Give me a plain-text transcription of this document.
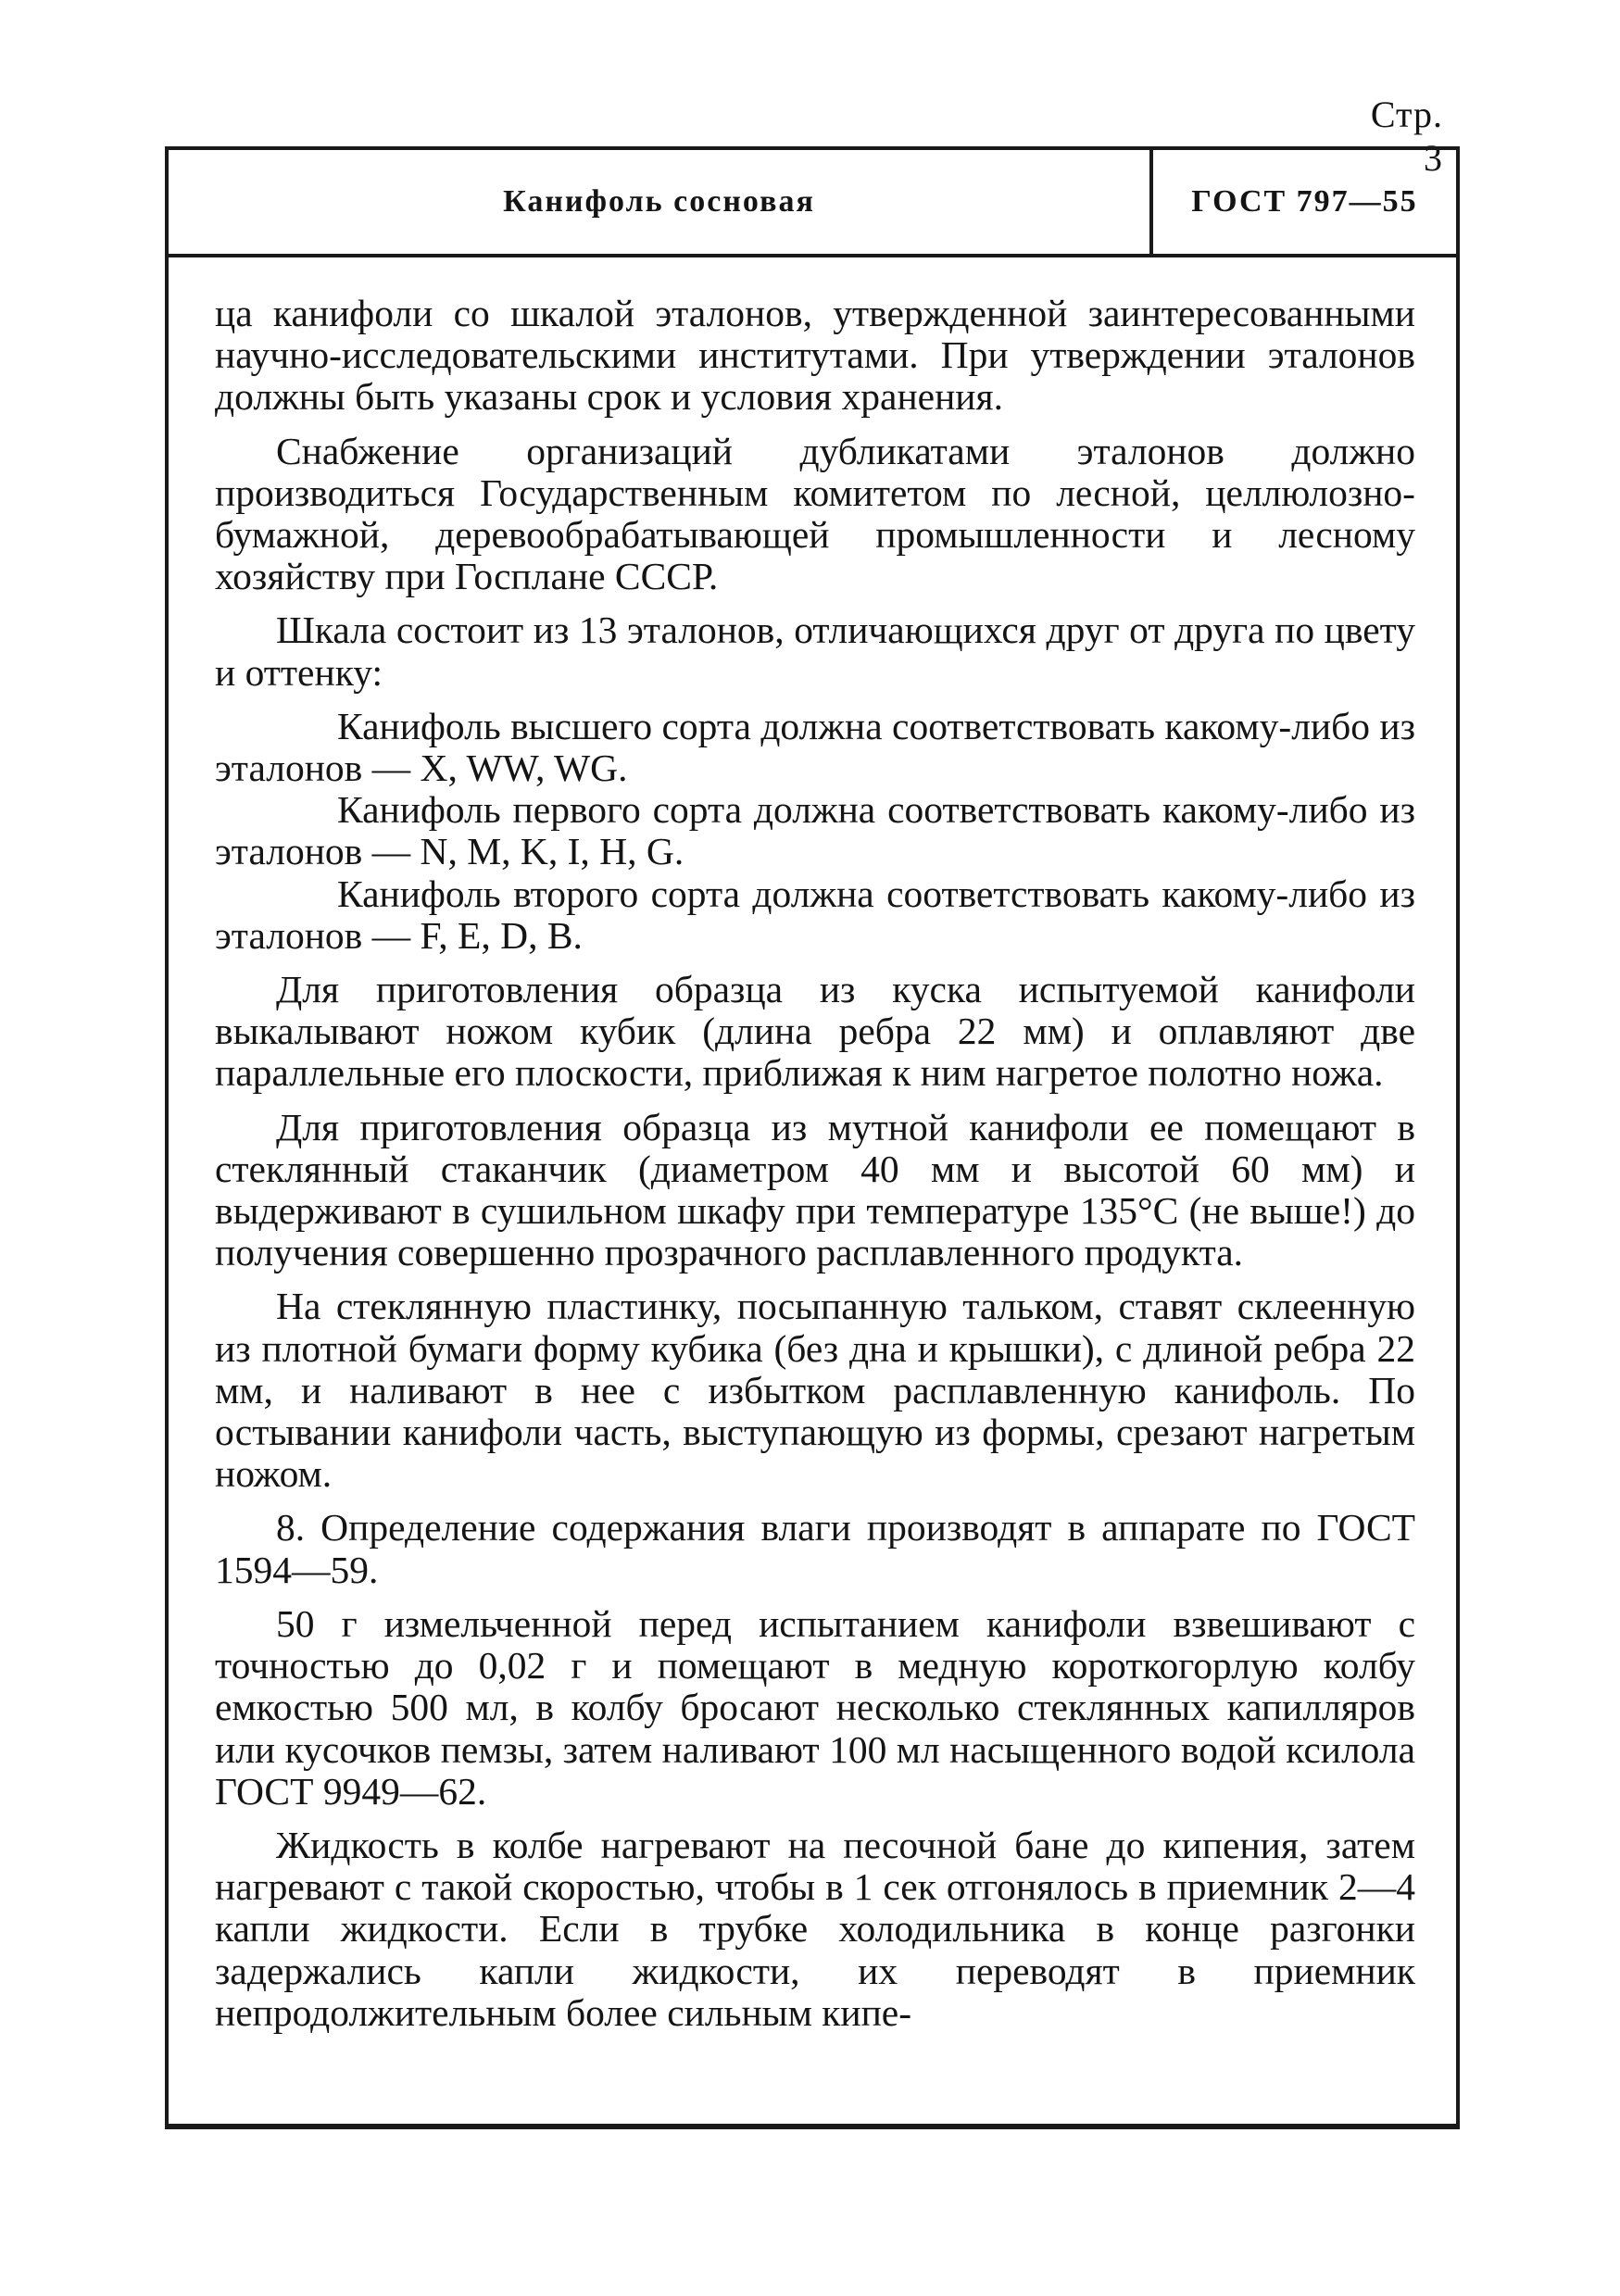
Стр. 3
Канифоль сосновая	ГОСТ 797—55

ца канифоли со шкалой эталонов, утвержденной заинтересованными научно-исследовательскими институтами. При утверждении эталонов должны быть указаны срок и условия хранения.

Снабжение организаций дубликатами эталонов должно производиться Государственным комитетом по лесной, целлюлозно-бумажной, деревообрабатывающей промышленности и лесному хозяйству при Госплане СССР.

Шкала состоит из 13 эталонов, отличающихся друг от друга по цвету и оттенку:

Канифоль высшего сорта должна соответствовать какому-либо из эталонов — X, WW, WG.

Канифоль первого сорта должна соответствовать какому-либо из эталонов — N, M, K, I, H, G.

Канифоль второго сорта должна соответствовать какому-либо из эталонов — F, E, D, B.

Для приготовления образца из куска испытуемой канифоли выкалывают ножом кубик (длина ребра 22 мм) и оплавляют две параллельные его плоскости, приближая к ним нагретое полотно ножа.

Для приготовления образца из мутной канифоли ее помещают в стеклянный стаканчик (диаметром 40 мм и высотой 60 мм) и выдерживают в сушильном шкафу при температуре 135°С (не выше!) до получения совершенно прозрачного расплавленного продукта.

На стеклянную пластинку, посыпанную тальком, ставят склеенную из плотной бумаги форму кубика (без дна и крышки), с длиной ребра 22 мм, и наливают в нее с избытком расплавленную канифоль. По остывании канифоли часть, выступающую из формы, срезают нагретым ножом.

8. Определение содержания влаги производят в аппарате по ГОСТ 1594—59.

50 г измельченной перед испытанием канифоли взвешивают с точностью до 0,02 г и помещают в медную короткогорлую колбу емкостью 500 мл, в колбу бросают несколько стеклянных капилляров или кусочков пемзы, затем наливают 100 мл насыщенного водой ксилола ГОСТ 9949—62.

Жидкость в колбе нагревают на песочной бане до кипения, затем нагревают с такой скоростью, чтобы в 1 сек отгонялось в приемник 2—4 капли жидкости. Если в трубке холодильника в конце разгонки задержались капли жидкости, их переводят в приемник непродолжительным более сильным кипе-
